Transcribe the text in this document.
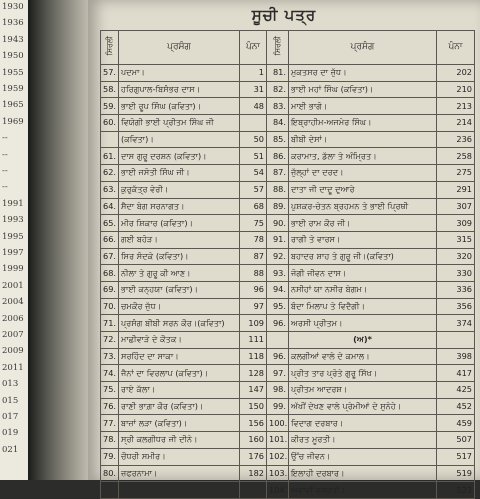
1930
1936
1943
1950
1955
1959
1965
1969
--
--
--
--
1991
1993
1995
1997
1999
2001
2004
2006
2007
2009
2011
013
015
017
019
021
ਸੂਚੀ ਪਤ੍ਰ
ਸਿਰਲੀ	ਪ੍ਰਸੰਗ	ਪੰਨਾ	ਸਿਰਲੀ	ਪ੍ਰਸੰਗ	ਪੰਨਾ
57.	ਪਦਮਾ।	1	81.	ਮੁਕਤਸਰ ਦਾ ਜੁੱਧ।	202
58.	ਹਰਿਗੁਪਾਲ-ਬਿਸੰਭਰ ਦਾਸ।	31	82.	ਭਾਈ ਮਹਾਂ ਸਿੰਘ (ਕਵਿਤਾ)।	210
59.	ਭਾਈ ਰੂਪ ਸਿੰਘ (ਕਵਿਤਾ)।	48	83.	ਮਾਈ ਭਾਗੋ।	213
60.	ਵਿਯੋਗੀ ਭਾਈ ਪ੍ਰੀਤਮ ਸਿੰਘ ਜੀ		84.	ਇਬ੍ਰਾਹੀਮ-ਅਜਮੇਰ ਸਿੰਘ।	214
	(ਕਵਿਤਾ)।	50	85.	ਬੀਬੀ ਦੇਸਾਂ।	236
61.	ਦਾਸ ਗੁਰੂ ਦਰਸ਼ਨ (ਕਵਿਤਾ)।	51	86.	ਕਰਾਮਾਤ, ਡੱਲਾ ਤੇ ਅੰਮ੍ਰਿਤ।	258
62.	ਭਾਈ ਜਸੋਤੀ ਸਿੰਘ ਜੀ।	54	87.	ਜੁੱਲ੍ਹਾਂ ਦਾ ਦਰਦ।	275
63.	ਕੁਰੁਕੱਤ੍ਰ ਵੇਰੀ।	57	88.	ਦਾਤਾ ਜੀ ਦਾਦੂ ਦੁਆਰੇ	291
64.	ਸੈਦਾ ਬੇਗ ਸਰਨਾਗਤ।	68	89.	ਪੁਸ਼ਕਰ-ਚੇਤਨ ਬ੍ਰਹਮਨ ਤੇ ਭਾਈ ਪ੍ਰਿਥੀ	307
65.	ਮੀਰ ਸ਼ਿਕਾਰ (ਕਵਿਤਾ)।	75	90.	ਭਾਈ ਰਾਮ ਕੌਰ ਜੀ।	309
66.	ਗਈ ਬਹੋੜ।	78	91.	ਰਾਗੀ ਤੇ ਵਾਰਸ।	315
67.	ਸਿਰ ਸੰਦਕੇ (ਕਵਿਤਾ)।	87	92.	ਬਹਾਦਰ ਸ਼ਾਹ ਤੇ ਗੁਰੂ ਜੀ।(ਕਵਿਤਾ)	320
68.	ਨੀਲਾ ਤੇ ਗੁਰੂ ਕੀ ਆਣ।	88	93.	ਜੋਗੀ ਜੀਵਨ ਦਾਸ।	330
69.	ਭਾਈ ਕਨ੍ਹਯਾ (ਕਵਿਤਾ)।	96	94.	ਨਸੀਹਾਂ ਯਾ ਨਸੀਰ ਬੇਗਮ।	336
70.	ਚਮਕੌਰ ਜੁੱਧ।	97	95.	ਬੰਦਾ ਮਿਲਾਪ ਤੇ ਵਿਦੈਗੀ।	356
71.	ਪ੍ਰਸੰਗ ਬੀਬੀ ਸਰਨ ਕੌਰ।(ਕਵਿਤਾ)	109	96.	ਅਰਸੀ ਪ੍ਰੀਤਮ।	374
72.	ਮਾਛੀਵਾੜੇ ਦੇ ਕੌਤਕ।	111		(ਅ)*	
73.	ਸਰਹਿੰਦ ਦਾ ਸਾਕਾ।	118	96.	ਕਲਗੀਆਂ ਵਾਲੇ ਦੇ ਕਮਾਲ।	398
74.	ਜੈਨਾਂ ਦਾ ਵਿਰਲਾਪ (ਕਵਿਤਾ)।	128	97.	ਪ੍ਰੀਤ ਤਾਰ ਪ੍ਰੋਤੇ ਗੁਰੂ ਸਿੱਖ।	417
75.	ਰਾਏ ਕੱਲਾ।	147	98.	ਪ੍ਰੀਤਮ ਆਦਰਸ਼।	425
76.	ਰਾਣੀ ਭਾਗ਼ਾ ਕੌਰ (ਕਵਿਤਾ)।	150	99.	ਅੱਖੀਂ ਦੇਖਣ ਵਾਲੇ ਪ੍ਰੇਮੀਆਂ ਦੇ ਸੁਨੇਹੇ।	452
77.	ਬਾਜ਼ਾਂ ਲੜਾ (ਕਵਿਤਾ)।	156	100.	ਵਿਦਾਗ ਦਰਬਾਰ।	459
78.	ਸ੍ਰੀ ਕਲਗੀਧਰ ਜੀ ਦੀਨੇ।	160	101.	ਕੀਰਤ ਮੂਰਤੀ।	507
79.	ਚੌਧਰੀ ਸਮੀਰ।	176	102.	ਉੱਚ ਜੀਵਨ।	517
80.	ਜ਼ਫਰਨਾਮਾ।	182	103.	ਇਲਾਹੀ ਦਰਬਾਰ।	519
			104.	ਅਵਾਵੀਂ ਵਜਕਤੀ।	523
